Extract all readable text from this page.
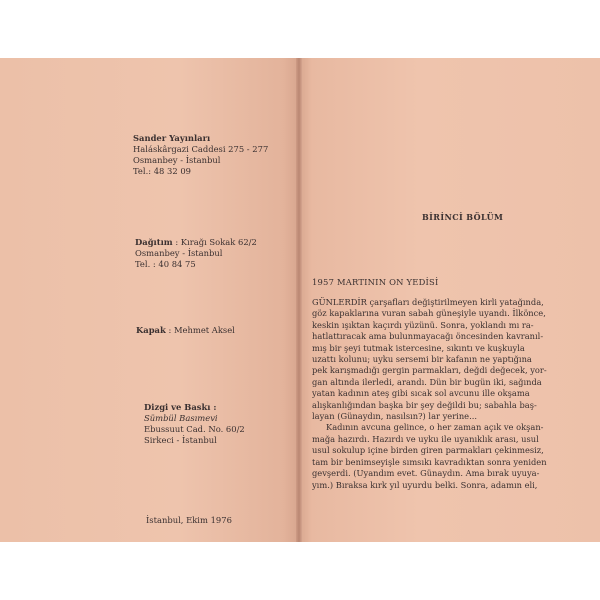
Sander Yayınları
Haláskârgazi Caddesi 275 - 277
Osmanbey - İstanbul
Tel.: 48 32 09
Dağıtım : Kırağı Sokak 62/2
Osmanbey - İstanbul
Tel. : 40 84 75
Kapak : Mehmet Aksel
Dizgi ve Baskı :
Sümbül Basımevi
Ebussuut Cad. No. 60/2
Sirkeci - İstanbul
İstanbul, Ekim 1976
BİRİNCİ BÖLÜM
1957 MARTININ ON YEDİSİ
GÜNLERDİR çarşafları değiştirilmeyen kirli yatağında,
göz kapaklarına vuran sabah güneşiyle uyandı. İlkönce,
keskin ışıktan kaçırdı yüzünü. Sonra, yoklandı mı ra-
hatlattıracak ama bulunmayacağı öncesinden kavranıl-
mış bir şeyi tutmak istercesine, sıkıntı ve kuşkuyla
uzattı kolunu; uyku sersemi bir kafanın ne yaptığına
pek karışmadığı gergin parmakları, değdi değecek, yor-
gan altında ilerledi, arandı. Dün bir bugün iki, sağında
yatan kadının ateş gibi sıcak sol avcunu ille okşama
alışkanlığından başka bir şey değildi bu; sabahla baş-
layan (Günaydın, nasılsın?) lar yerine...
Kadının avcuna gelince, o her zaman açık ve okşan-
mağa hazırdı. Hazırdı ve uyku ile uyanıklık arası, usul
usul sokulup içine birden giren parmakları çekinmesiz,
tam bir benimseyişle sımsıkı kavradıktan sonra yeniden
gevşerdi. (Uyandım evet. Günaydın. Ama bırak uyuya-
yım.) Bıraksa kırk yıl uyurdu belki. Sonra, adamın eli,
